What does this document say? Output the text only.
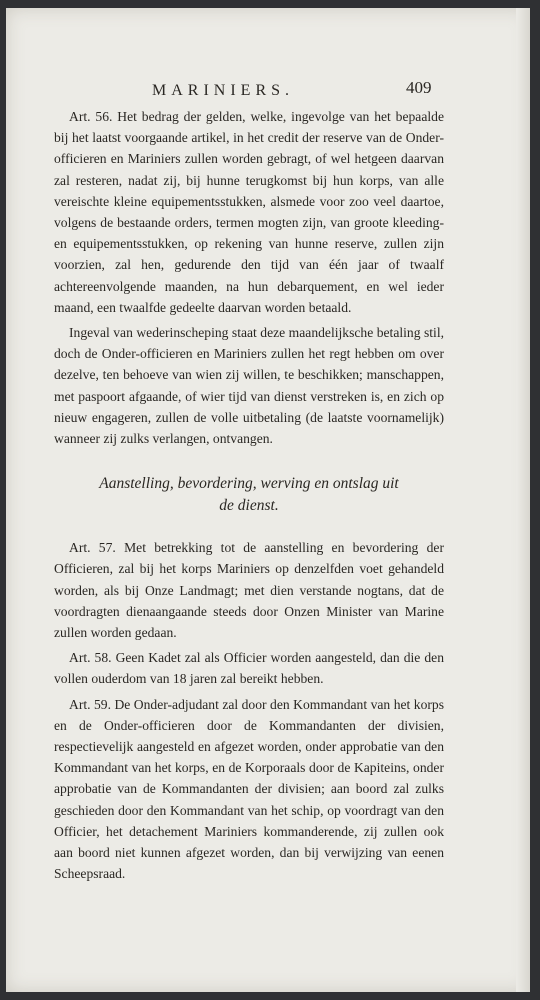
MARINIERS.	409

Art. 56. Het bedrag der gelden, welke, ingevolge van het bepaalde bij het laatst voorgaande artikel, in het credit der reserve van de Onder-officieren en Mariniers zullen worden gebragt, of wel hetgeen daarvan zal resteren, nadat zij, bij hunne terugkomst bij hun korps, van alle vereischte kleine equipementsstukken, alsmede voor zoo veel daartoe, volgens de bestaande orders, termen mogten zijn, van groote kleeding- en equipementsstukken, op rekening van hunne reserve, zullen zijn voorzien, zal hen, gedurende den tijd van één jaar of twaalf achtereenvolgende maanden, na hun debarquement, en wel ieder maand, een twaalfde gedeelte daarvan worden betaald.

Ingeval van wederinscheping staat deze maandelijksche betaling stil, doch de Onder-officieren en Mariniers zullen het regt hebben om over dezelve, ten behoeve van wien zij willen, te beschikken; manschappen, met paspoort afgaande, of wier tijd van dienst verstreken is, en zich op nieuw engageren, zullen de volle uitbetaling (de laatste voornamelijk) wanneer zij zulks verlangen, ontvangen.

Aanstelling, bevordering, werving en ontslag uit
de dienst.

Art. 57. Met betrekking tot de aanstelling en bevordering der Officieren, zal bij het korps Mariniers op denzelfden voet gehandeld worden, als bij Onze Landmagt; met dien verstande nogtans, dat de voordragten dienaangaande steeds door Onzen Minister van Marine zullen worden gedaan.

Art. 58. Geen Kadet zal als Officier worden aangesteld, dan die den vollen ouderdom van 18 jaren zal bereikt hebben.

Art. 59. De Onder-adjudant zal door den Kommandant van het korps en de Onder-officieren door de Kommandanten der divisien, respectievelijk aangesteld en afgezet worden, onder approbatie van den Kommandant van het korps, en de Korporaals door de Kapiteins, onder approbatie van de Kommandanten der divisien; aan boord zal zulks geschieden door den Kommandant van het schip, op voordragt van den Officier, het detachement Mariniers kommanderende, zij zullen ook aan boord niet kunnen afgezet worden, dan bij verwijzing van eenen Scheepsraad.
